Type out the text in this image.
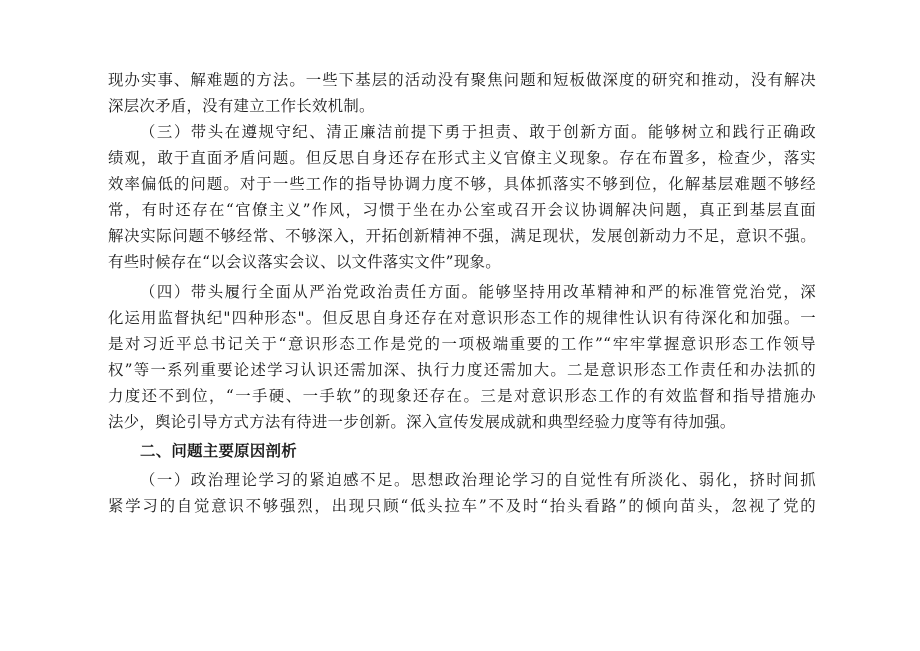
现办实事、解难题的方法。一些下基层的活动没有聚焦问题和短板做深度的研究和推动，没有解决
深层次矛盾，没有建立工作长效机制。
（三）带头在遵规守纪、清正廉洁前提下勇于担责、敢于创新方面。能够树立和践行正确政
绩观，敢于直面矛盾问题。但反思自身还存在形式主义官僚主义现象。存在布置多，检查少，落实
效率偏低的问题。对于一些工作的指导协调力度不够，具体抓落实不够到位，化解基层难题不够经
常，有时还存在“官僚主义”作风，习惯于坐在办公室或召开会议协调解决问题，真正到基层直面
解决实际问题不够经常、不够深入，开拓创新精神不强，满足现状，发展创新动力不足，意识不强。
有些时候存在“以会议落实会议、以文件落实文件”现象。
（四）带头履行全面从严治党政治责任方面。能够坚持用改革精神和严的标准管党治党，深
化运用监督执纪"四种形态"。但反思自身还存在对意识形态工作的规律性认识有待深化和加强。一
是对习近平总书记关于“意识形态工作是党的一项极端重要的工作”“牢牢掌握意识形态工作领导
权”等一系列重要论述学习认识还需加深、执行力度还需加大。二是意识形态工作责任和办法抓的
力度还不到位，“一手硬、一手软”的现象还存在。三是对意识形态工作的有效监督和指导措施办
法少，舆论引导方式方法有待进一步创新。深入宣传发展成就和典型经验力度等有待加强。
二、问题主要原因剖析
（一）政治理论学习的紧迫感不足。思想政治理论学习的自觉性有所淡化、弱化，挤时间抓
紧学习的自觉意识不够强烈，出现只顾“低头拉车”不及时“抬头看路”的倾向苗头，忽视了党的
